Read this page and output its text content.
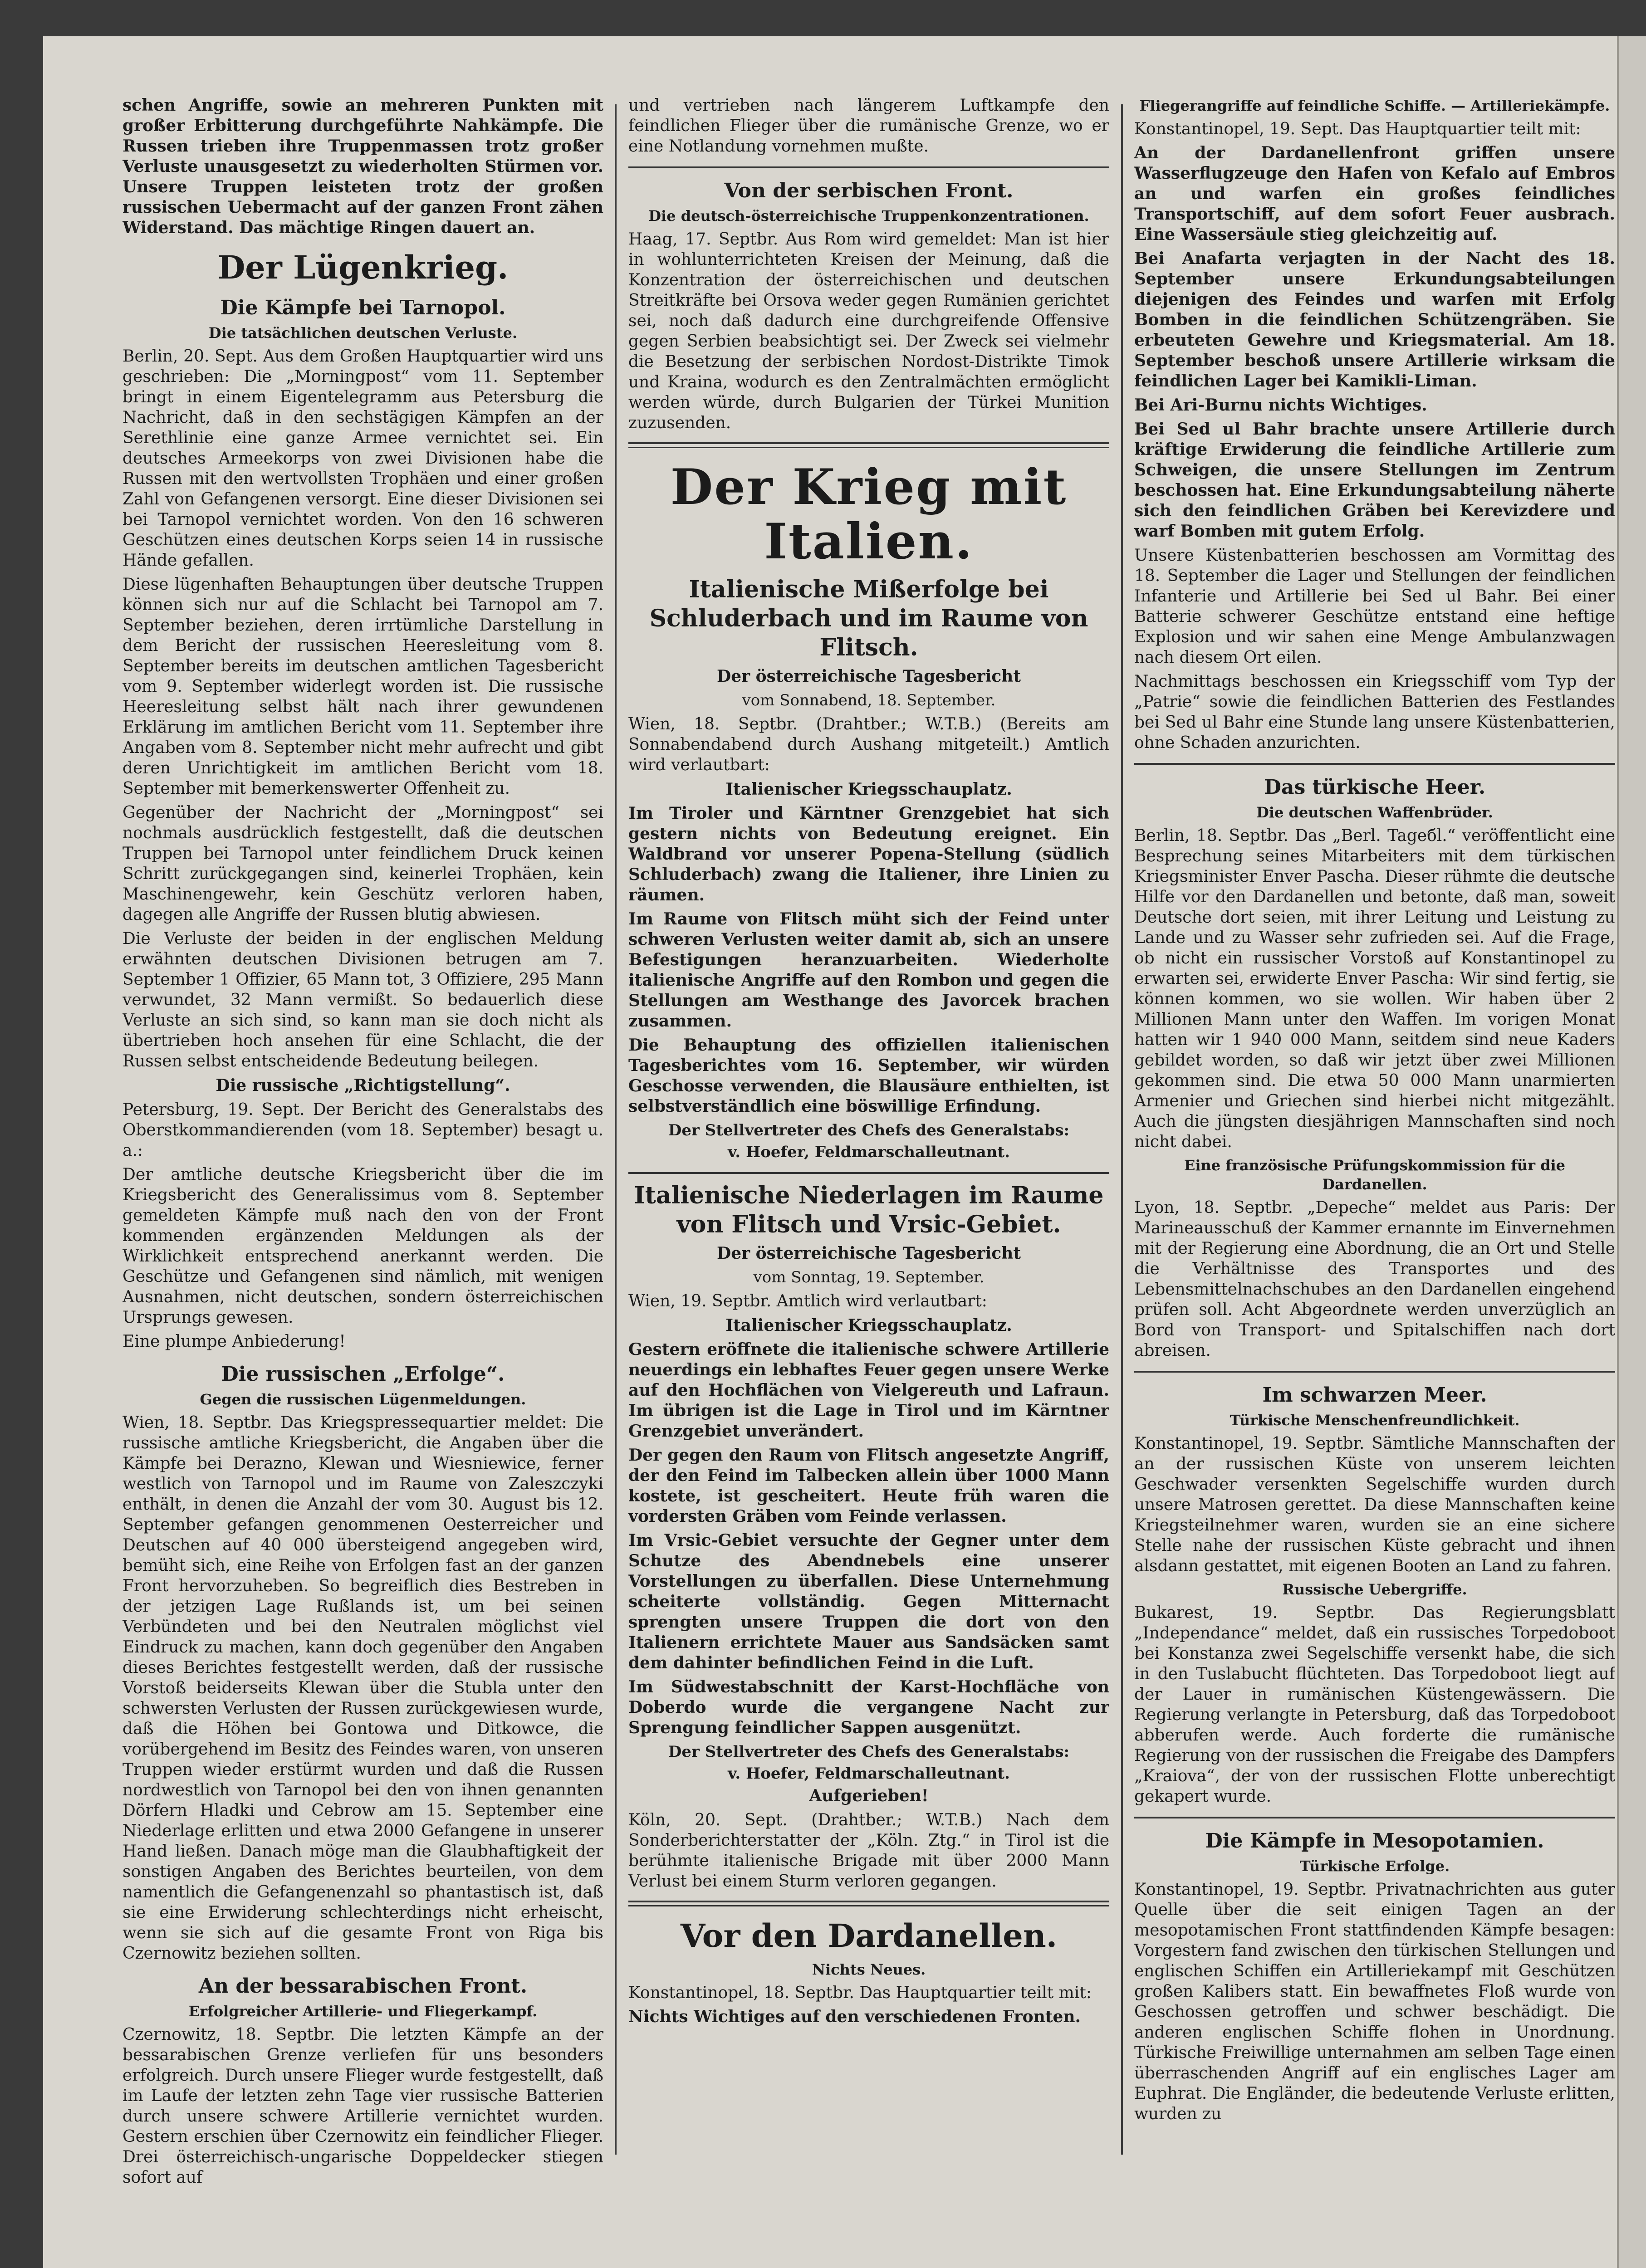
schen Angriffe, sowie an mehreren Punkten mit großer Erbitterung durchgeführte Nahkämpfe. Die Russen trieben ihre Truppenmassen trotz großer Verluste unausgesetzt zu wiederholten Stürmen vor. Unsere Truppen leisteten trotz der großen russischen Uebermacht auf der ganzen Front zähen Widerstand. Das mächtige Ringen dauert an.

Der Lügenkrieg.
Die Kämpfe bei Tarnopol.
Die tatsächlichen deutschen Verluste.

Berlin, 20. Sept. Aus dem Großen Hauptquartier wird uns geschrieben: Die „Morningpost“ vom 11. September bringt in einem Eigentelegramm aus Petersburg die Nachricht, daß in den sechstägigen Kämpfen an der Serethlinie eine ganze Armee vernichtet sei. Ein deutsches Armeekorps von zwei Divisionen habe die Russen mit den wertvollsten Trophäen und einer großen Zahl von Gefangenen versorgt. Eine dieser Divisionen sei bei Tarnopol vernichtet worden. Von den 16 schweren Geschützen eines deutschen Korps seien 14 in russische Hände gefallen.

Diese lügenhaften Behauptungen über deutsche Truppen können sich nur auf die Schlacht bei Tarnopol am 7. September beziehen, deren irrtümliche Darstellung in dem Bericht der russischen Heeresleitung vom 8. September bereits im deutschen amtlichen Tagesbericht vom 9. September widerlegt worden ist. Die russische Heeresleitung selbst hält nach ihrer gewundenen Erklärung im amtlichen Bericht vom 11. September ihre Angaben vom 8. September nicht mehr aufrecht und gibt deren Unrichtigkeit im amtlichen Bericht vom 18. September mit bemerkenswerter Offenheit zu.

Gegenüber der Nachricht der „Morningpost“ sei nochmals ausdrücklich festgestellt, daß die deutschen Truppen bei Tarnopol unter feindlichem Druck keinen Schritt zurückgegangen sind, keinerlei Trophäen, kein Maschinengewehr, kein Geschütz verloren haben, dagegen alle Angriffe der Russen blutig abwiesen.

Die Verluste der beiden in der englischen Meldung erwähnten deutschen Divisionen betrugen am 7. September 1 Offizier, 65 Mann tot, 3 Offiziere, 295 Mann verwundet, 32 Mann vermißt. So bedauerlich diese Verluste an sich sind, so kann man sie doch nicht als übertrieben hoch ansehen für eine Schlacht, die der Russen selbst entscheidende Bedeutung beilegen.

Die russische „Richtigstellung“.

Petersburg, 19. Sept. Der Bericht des Generalstabs des Oberstkommandierenden (vom 18. September) besagt u. a.:

Der amtliche deutsche Kriegsbericht über die im Kriegsbericht des Generalissimus vom 8. September gemeldeten Kämpfe muß nach den von der Front kommenden ergänzenden Meldungen als der Wirklichkeit entsprechend anerkannt werden. Die Geschütze und Gefangenen sind nämlich, mit wenigen Ausnahmen, nicht deutschen, sondern österreichischen Ursprungs gewesen.

Eine plumpe Anbiederung!

Die russischen „Erfolge“.
Gegen die russischen Lügenmeldungen.

Wien, 18. Septbr. Das Kriegspressequartier meldet: Die russische amtliche Kriegsbericht, die Angaben über die Kämpfe bei Derazno, Klewan und Wiesniewice, ferner westlich von Tarnopol und im Raume von Zaleszczyki enthält, in denen die Anzahl der vom 30. August bis 12. September gefangen genommenen Oesterreicher und Deutschen auf 40 000 übersteigend angegeben wird, bemüht sich, eine Reihe von Erfolgen fast an der ganzen Front hervorzuheben. So begreiflich dies Bestreben in der jetzigen Lage Rußlands ist, um bei seinen Verbündeten und bei den Neutralen möglichst viel Eindruck zu machen, kann doch gegenüber den Angaben dieses Berichtes festgestellt werden, daß der russische Vorstoß beiderseits Klewan über die Stubla unter den schwersten Verlusten der Russen zurückgewiesen wurde, daß die Höhen bei Gontowa und Ditkowce, die vorübergehend im Besitz des Feindes waren, von unseren Truppen wieder erstürmt wurden und daß die Russen nordwestlich von Tarnopol bei den von ihnen genannten Dörfern Hladki und Cebrow am 15. September eine Niederlage erlitten und etwa 2000 Gefangene in unserer Hand ließen. Danach möge man die Glaubhaftigkeit der sonstigen Angaben des Berichtes beurteilen, von dem namentlich die Gefangenenzahl so phantastisch ist, daß sie eine Erwiderung schlechterdings nicht erheischt, wenn sie sich auf die gesamte Front von Riga bis Czernowitz beziehen sollten.

An der bessarabischen Front.
Erfolgreicher Artillerie- und Fliegerkampf.

Czernowitz, 18. Septbr. Die letzten Kämpfe an der bessarabischen Grenze verliefen für uns besonders erfolgreich. Durch unsere Flieger wurde festgestellt, daß im Laufe der letzten zehn Tage vier russische Batterien durch unsere schwere Artillerie vernichtet wurden. Gestern erschien über Czernowitz ein feindlicher Flieger. Drei österreichisch-ungarische Doppeldecker stiegen sofort auf

und vertrieben nach längerem Luftkampfe den feindlichen Flieger über die rumänische Grenze, wo er eine Notlandung vornehmen mußte.

Von der serbischen Front.
Die deutsch-österreichische Truppenkonzentrationen.

Haag, 17. Septbr. Aus Rom wird gemeldet: Man ist hier in wohlunterrichteten Kreisen der Meinung, daß die Konzentration der österreichischen und deutschen Streitkräfte bei Orsova weder gegen Rumänien gerichtet sei, noch daß dadurch eine durchgreifende Offensive gegen Serbien beabsichtigt sei. Der Zweck sei vielmehr die Besetzung der serbischen Nordost-Distrikte Timok und Kraina, wodurch es den Zentralmächten ermöglicht werden würde, durch Bulgarien der Türkei Munition zuzusenden.

Der Krieg mit Italien.
Italienische Mißerfolge bei Schluderbach und im Raume von Flitsch.
Der österreichische Tagesbericht
vom Sonnabend, 18. September.

Wien, 18. Septbr. (Drahtber.; W.T.B.) (Bereits am Sonnabendabend durch Aushang mitgeteilt.) Amtlich wird verlautbart:

Italienischer Kriegsschauplatz.

Im Tiroler und Kärntner Grenzgebiet hat sich gestern nichts von Bedeutung ereignet. Ein Waldbrand vor unserer Popena-Stellung (südlich Schluderbach) zwang die Italiener, ihre Linien zu räumen.

Im Raume von Flitsch müht sich der Feind unter schweren Verlusten weiter damit ab, sich an unsere Befestigungen heranzuarbeiten. Wiederholte italienische Angriffe auf den Rombon und gegen die Stellungen am Westhange des Javorcek brachen zusammen.

Die Behauptung des offiziellen italienischen Tagesberichtes vom 16. September, wir würden Geschosse verwenden, die Blausäure enthielten, ist selbstverständlich eine böswillige Erfindung.

Der Stellvertreter des Chefs des Generalstabs:
v. Hoefer, Feldmarschalleutnant.
Italienische Niederlagen im Raume von Flitsch und Vrsic-Gebiet.
Der österreichische Tagesbericht
vom Sonntag, 19. September.

Wien, 19. Septbr. Amtlich wird verlautbart:

Italienischer Kriegsschauplatz.

Gestern eröffnete die italienische schwere Artillerie neuerdings ein lebhaftes Feuer gegen unsere Werke auf den Hochflächen von Vielgereuth und Lafraun. Im übrigen ist die Lage in Tirol und im Kärntner Grenzgebiet unverändert.

Der gegen den Raum von Flitsch angesetzte Angriff, der den Feind im Talbecken allein über 1000 Mann kostete, ist gescheitert. Heute früh waren die vordersten Gräben vom Feinde verlassen.

Im Vrsic-Gebiet versuchte der Gegner unter dem Schutze des Abendnebels eine unserer Vorstellungen zu überfallen. Diese Unternehmung scheiterte vollständig. Gegen Mitternacht sprengten unsere Truppen die dort von den Italienern errichtete Mauer aus Sandsäcken samt dem dahinter befindlichen Feind in die Luft.

Im Südwestabschnitt der Karst-Hochfläche von Doberdo wurde die vergangene Nacht zur Sprengung feindlicher Sappen ausgenützt.

Der Stellvertreter des Chefs des Generalstabs:
v. Hoefer, Feldmarschalleutnant.
Aufgerieben!

Köln, 20. Sept. (Drahtber.; W.T.B.) Nach dem Sonderberichterstatter der „Köln. Ztg.“ in Tirol ist die berühmte italienische Brigade mit über 2000 Mann Verlust bei einem Sturm verloren gegangen.

Vor den Dardanellen.
Nichts Neues.

Konstantinopel, 18. Septbr. Das Hauptquartier teilt mit:

Nichts Wichtiges auf den verschiedenen Fronten.

Fliegerangriffe auf feindliche Schiffe. — Artilleriekämpfe.

Konstantinopel, 19. Sept. Das Hauptquartier teilt mit:

An der Dardanellenfront griffen unsere Wasserflugzeuge den Hafen von Kefalo auf Embros an und warfen ein großes feindliches Transportschiff, auf dem sofort Feuer ausbrach. Eine Wassersäule stieg gleichzeitig auf.

Bei Anafarta verjagten in der Nacht des 18. September unsere Erkundungsabteilungen diejenigen des Feindes und warfen mit Erfolg Bomben in die feindlichen Schützengräben. Sie erbeuteten Gewehre und Kriegsmaterial. Am 18. September beschoß unsere Artillerie wirksam die feindlichen Lager bei Kamikli-Liman.

Bei Ari-Burnu nichts Wichtiges.

Bei Sed ul Bahr brachte unsere Artillerie durch kräftige Erwiderung die feindliche Artillerie zum Schweigen, die unsere Stellungen im Zentrum beschossen hat. Eine Erkundungsabteilung näherte sich den feindlichen Gräben bei Kerevizdere und warf Bomben mit gutem Erfolg.

Unsere Küstenbatterien beschossen am Vormittag des 18. September die Lager und Stellungen der feindlichen Infanterie und Artillerie bei Sed ul Bahr. Bei einer Batterie schwerer Geschütze entstand eine heftige Explosion und wir sahen eine Menge Ambulanzwagen nach diesem Ort eilen.

Nachmittags beschossen ein Kriegsschiff vom Typ der „Patrie“ sowie die feindlichen Batterien des Festlandes bei Sed ul Bahr eine Stunde lang unsere Küstenbatterien, ohne Schaden anzurichten.

Das türkische Heer.
Die deutschen Waffenbrüder.

Berlin, 18. Septbr. Das „Berl. Tageбl.“ veröffentlicht eine Besprechung seines Mitarbeiters mit dem türkischen Kriegsminister Enver Pascha. Dieser rühmte die deutsche Hilfe vor den Dardanellen und betonte, daß man, soweit Deutsche dort seien, mit ihrer Leitung und Leistung zu Lande und zu Wasser sehr zufrieden sei. Auf die Frage, ob nicht ein russischer Vorstoß auf Konstantinopel zu erwarten sei, erwiderte Enver Pascha: Wir sind fertig, sie können kommen, wo sie wollen. Wir haben über 2 Millionen Mann unter den Waffen. Im vorigen Monat hatten wir 1 940 000 Mann, seitdem sind neue Kaders gebildet worden, so daß wir jetzt über zwei Millionen gekommen sind. Die etwa 50 000 Mann unarmierten Armenier und Griechen sind hierbei nicht mitgezählt. Auch die jüngsten diesjährigen Mannschaften sind noch nicht dabei.

Eine französische Prüfungskommission für die Dardanellen.

Lyon, 18. Septbr. „Depeche“ meldet aus Paris: Der Marineausschuß der Kammer ernannte im Einvernehmen mit der Regierung eine Abordnung, die an Ort und Stelle die Verhältnisse des Transportes und des Lebensmittelnachschubes an den Dardanellen eingehend prüfen soll. Acht Abgeordnete werden unverzüglich an Bord von Transport- und Spitalschiffen nach dort abreisen.

Im schwarzen Meer.
Türkische Menschenfreundlichkeit.

Konstantinopel, 19. Septbr. Sämtliche Mannschaften der an der russischen Küste von unserem leichten Geschwader versenkten Segelschiffe wurden durch unsere Matrosen gerettet. Da diese Mannschaften keine Kriegsteilnehmer waren, wurden sie an eine sichere Stelle nahe der russischen Küste gebracht und ihnen alsdann gestattet, mit eigenen Booten an Land zu fahren.

Russische Uebergriffe.

Bukarest, 19. Septbr. Das Regierungsblatt „Independance“ meldet, daß ein russisches Torpedoboot bei Konstanza zwei Segelschiffe versenkt habe, die sich in den Tuslabucht flüchteten. Das Torpedoboot liegt auf der Lauer in rumänischen Küstengewässern. Die Regierung verlangte in Petersburg, daß das Torpedoboot abberufen werde. Auch forderte die rumänische Regierung von der russischen die Freigabe des Dampfers „Kraiova“, der von der russischen Flotte unberechtigt gekapert wurde.

Die Kämpfe in Mesopotamien.
Türkische Erfolge.

Konstantinopel, 19. Septbr. Privatnachrichten aus guter Quelle über die seit einigen Tagen an der mesopotamischen Front stattfindenden Kämpfe besagen: Vorgestern fand zwischen den türkischen Stellungen und englischen Schiffen ein Artilleriekampf mit Geschützen großen Kalibers statt. Ein bewaffnetes Floß wurde von Geschossen getroffen und schwer beschädigt. Die anderen englischen Schiffe flohen in Unordnung. Türkische Freiwillige unternahmen am selben Tage einen überraschenden Angriff auf ein englisches Lager am Euphrat. Die Engländer, die bedeutende Verluste erlitten, wurden zu
